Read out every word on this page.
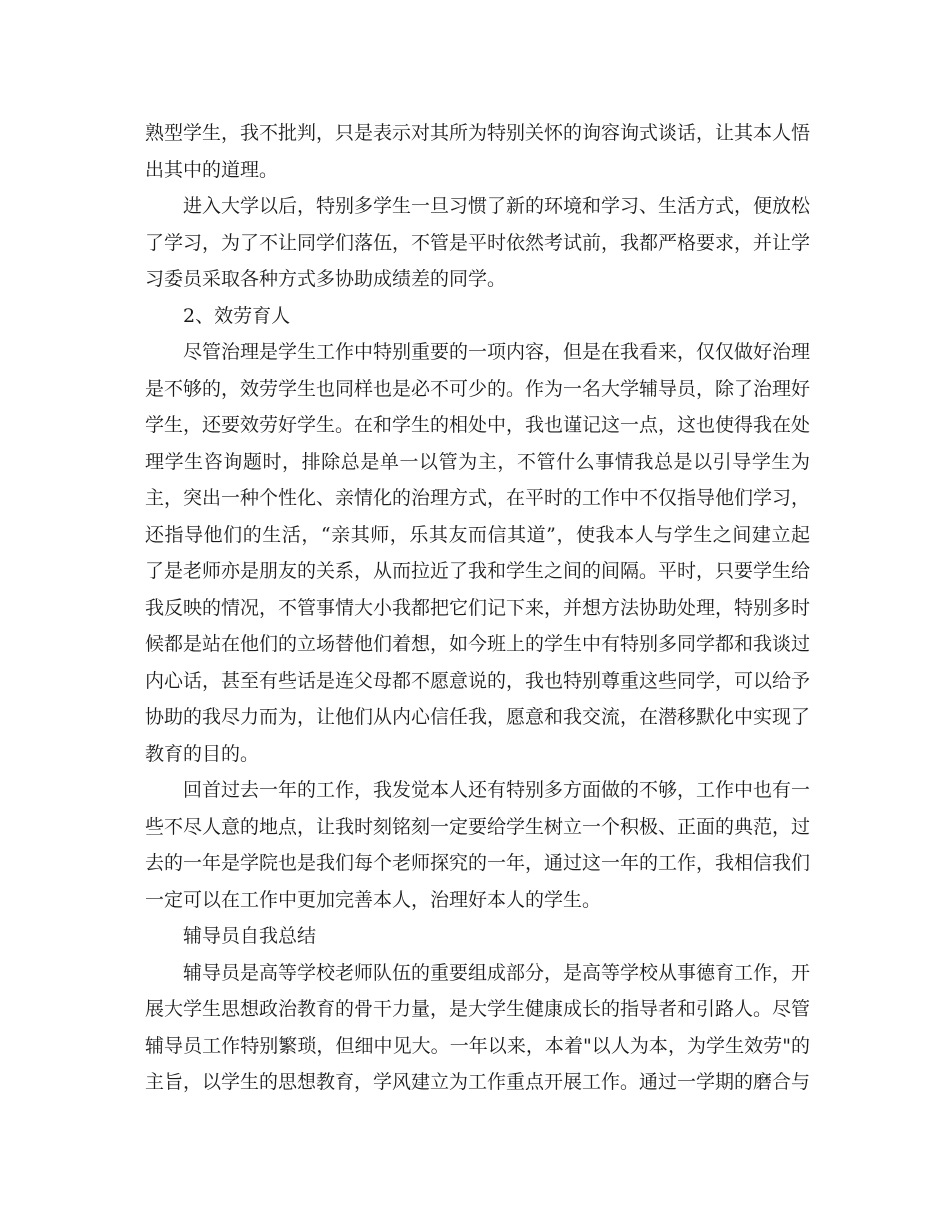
熟型学生，我不批判，只是表示对其所为特别关怀的询容询式谈话，让其本人悟出其中的道理。

进入大学以后，特别多学生一旦习惯了新的环境和学习、生活方式，便放松了学习，为了不让同学们落伍，不管是平时依然考试前，我都严格要求，并让学习委员采取各种方式多协助成绩差的同学。

2、效劳育人

尽管治理是学生工作中特别重要的一项内容，但是在我看来，仅仅做好治理是不够的，效劳学生也同样也是必不可少的。作为一名大学辅导员，除了治理好学生，还要效劳好学生。在和学生的相处中，我也谨记这一点，这也使得我在处理学生咨询题时，排除总是单一以管为主，不管什么事情我总是以引导学生为主，突出一种个性化、亲情化的治理方式，在平时的工作中不仅指导他们学习，还指导他们的生活，“亲其师，乐其友而信其道”，使我本人与学生之间建立起了是老师亦是朋友的关系，从而拉近了我和学生之间的间隔。平时，只要学生给我反映的情况，不管事情大小我都把它们记下来，并想方法协助处理，特别多时候都是站在他们的立场替他们着想，如今班上的学生中有特别多同学都和我谈过内心话，甚至有些话是连父母都不愿意说的，我也特别尊重这些同学，可以给予协助的我尽力而为，让他们从内心信任我，愿意和我交流，在潜移默化中实现了教育的目的。

回首过去一年的工作，我发觉本人还有特别多方面做的不够，工作中也有一些不尽人意的地点，让我时刻铭刻一定要给学生树立一个积极、正面的典范，过去的一年是学院也是我们每个老师探究的一年，通过这一年的工作，我相信我们一定可以在工作中更加完善本人，治理好本人的学生。

辅导员自我总结

辅导员是高等学校老师队伍的重要组成部分，是高等学校从事德育工作，开展大学生思想政治教育的骨干力量，是大学生健康成长的指导者和引路人。尽管辅导员工作特别繁琐，但细中见大。一年以来，本着"以人为本，为学生效劳"的主旨，以学生的思想教育，学风建立为工作重点开展工作。通过一学期的磨合与
